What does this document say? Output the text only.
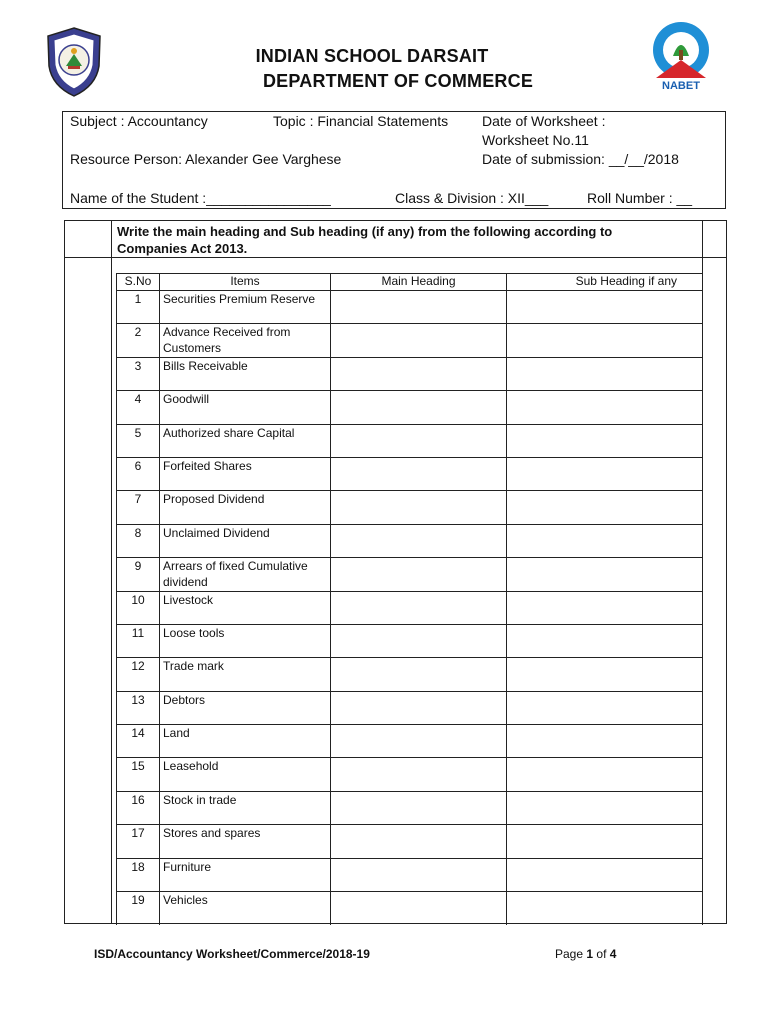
NABET
INDIAN SCHOOL DARSAIT
DEPARTMENT OF COMMERCE
Subject : Accountancy	Topic : Financial Statements Date of Worksheet :
Worksheet No.11
Resource Person: Alexander Gee Varghese	Date of submission: __/__/2018
Name of the Student :________________	Class & Division : XII___	Roll Number : __
Write the main heading and Sub heading (if any) from the following according to Companies Act 2013.
S.No	Items	Main Heading	Sub Heading if any
1	Securities Premium Reserve		
2	Advance Received from Customers		
3	Bills Receivable		
4	Goodwill		
5	Authorized share Capital		
6	Forfeited Shares		
7	Proposed Dividend		
8	Unclaimed Dividend		
9	Arrears of fixed Cumulative dividend		
10	Livestock		
11	Loose tools		
12	Trade mark		
13	Debtors		
14	Land		
15	Leasehold		
16	Stock in trade		
17	Stores and spares		
18	Furniture		
19	Vehicles		
ISD/Accountancy Worksheet/Commerce/2018-19	Page 1 of 4
